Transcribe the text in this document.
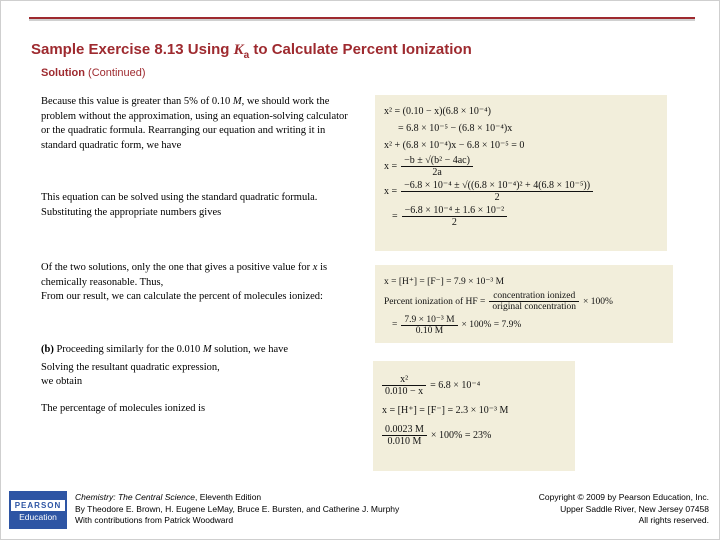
Sample Exercise 8.13 Using $K_a$ to Calculate Percent Ionization
Solution (Continued)

Because this value is greater than 5% of 0.10 M, we should work the problem without the approximation, using an equation-solving calculator or the quadratic formula. Rearranging our equation and writing it in standard quadratic form, we have

This equation can be solved using the standard quadratic formula.
Substituting the appropriate numbers gives

Of the two solutions, only the one that gives a positive value for x is chemically reasonable. Thus,
From our result, we can calculate the percent of molecules ionized:

(b) Proceeding similarly for the 0.010 M solution, we have
Solving the resultant quadratic expression,
we obtain
The percentage of molecules ionized is

x² = (0.10 − x)(6.8 × 10⁻⁴)
= 6.8 × 10⁻⁵ − (6.8 × 10⁻⁴)x
x² + (6.8 × 10⁻⁴)x − 6.8 × 10⁻⁵ = 0
$x = \frac{\text{−b ± √(b² − 4ac)}}{2a}$
$x = \frac{\text{−6.8 × 10⁻⁴ ± √((6.8 × 10⁻⁴)² + 4(6.8 × 10⁻⁵))}}{2}$
= $\frac{\text{−6.8 × 10⁻⁴ ± 1.6 × 10⁻²}}{2}$
x = [H⁺] = [F⁻] = 7.9 × 10⁻³ M
Percent ionization of HF = $\frac{\text{concentration ionized}}{\text{original concentration}} \times 100\%$
= $\frac{\text{7.9 × 10⁻³ M}}{0.10 M} \times 100\% = 7.9\%$
$\frac{\text{x²}}{0.010 - x} = 6.8 \times 10^{-4}$
x = [H⁺] = [F⁻] = 2.3 × 10⁻³ M
$\frac{0.0023 M}{0.010 M} \times 100\% = 23\%$
PEARSON
Education

Chemistry: The Central Science, Eleventh Edition
By Theodore E. Brown, H. Eugene LeMay, Bruce E. Bursten, and Catherine J. Murphy
With contributions from Patrick Woodward

Copyright © 2009 by Pearson Education, Inc.
Upper Saddle River, New Jersey 07458
All rights reserved.
